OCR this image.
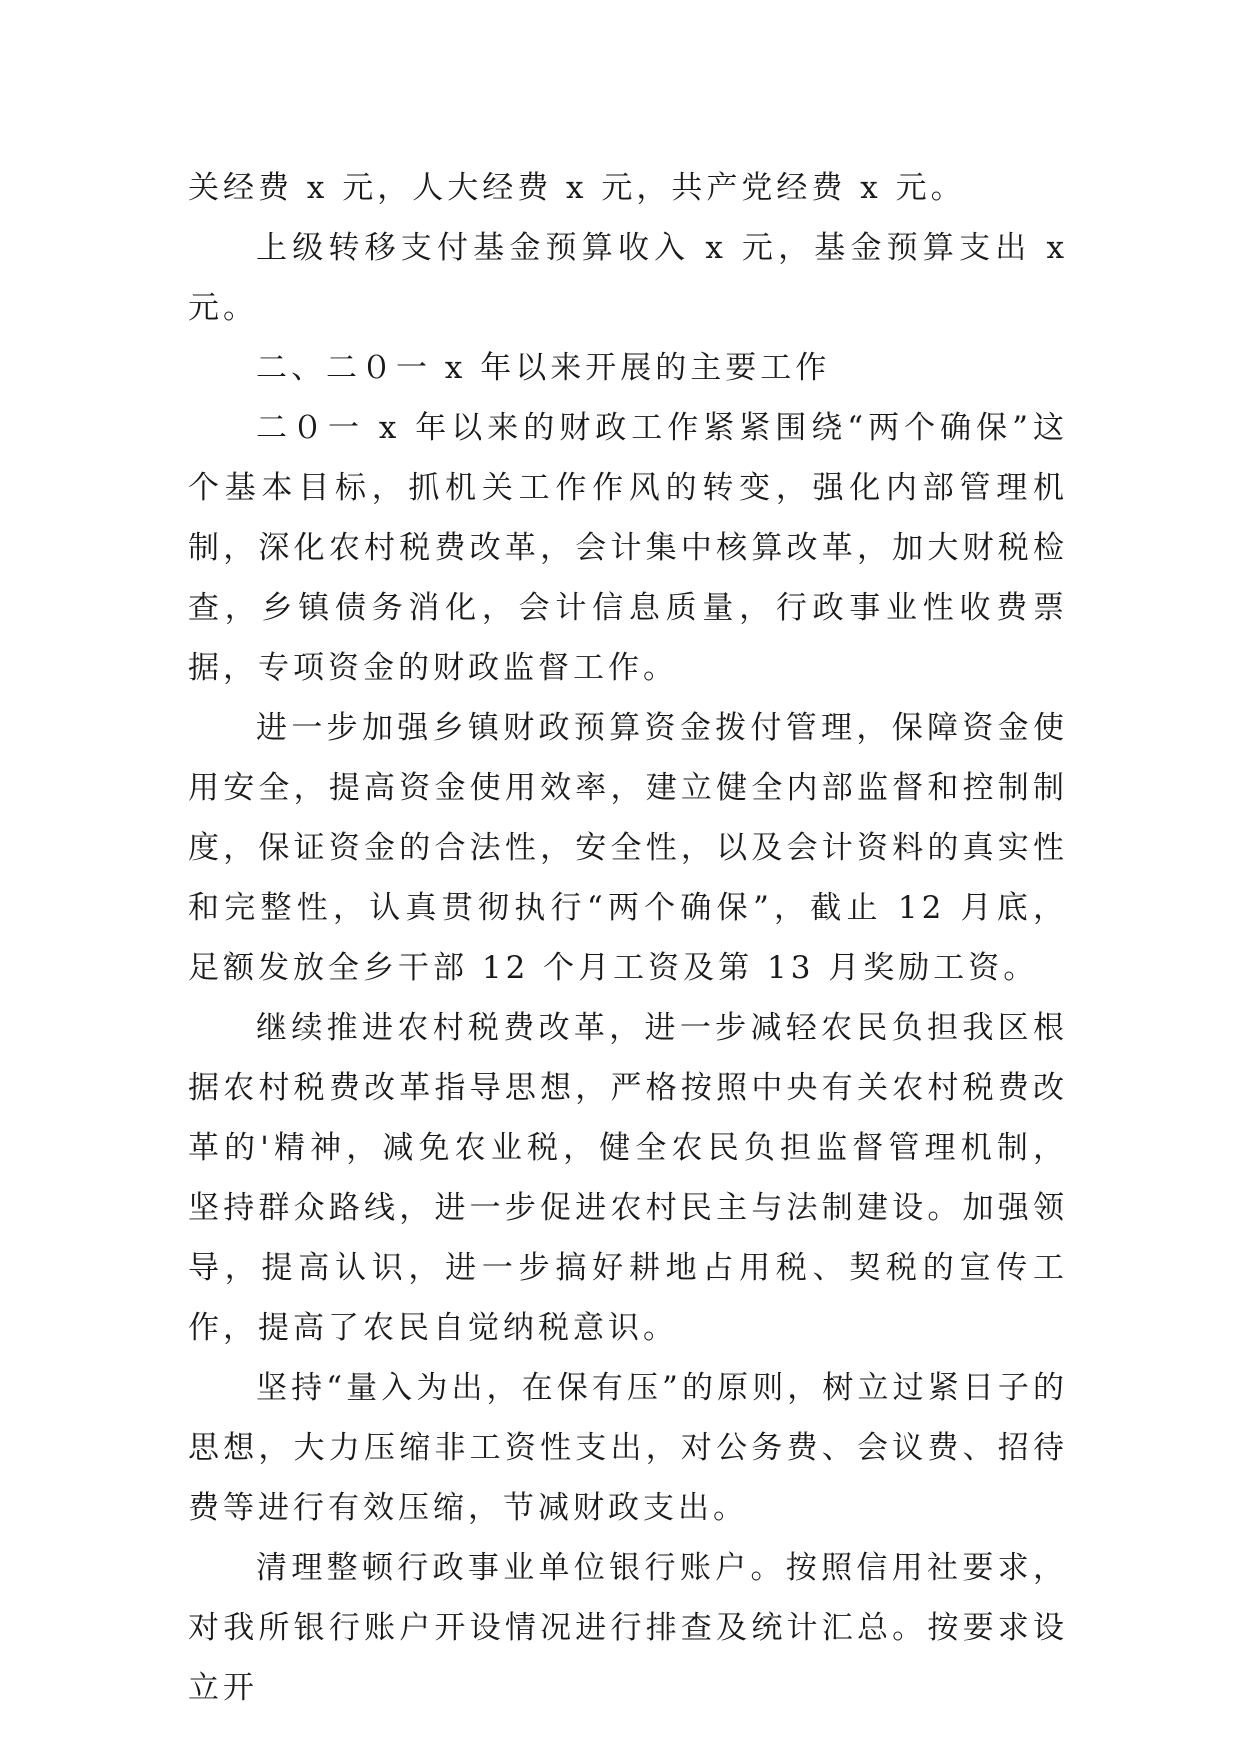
关经费 x 元，人大经费 x 元，共产党经费 x 元。

上级转移支付基金预算收入 x 元，基金预算支出 x 元。

二、二０一 x 年以来开展的主要工作

二０一 x 年以来的财政工作紧紧围绕“两个确保”这个基本目标，抓机关工作作风的转变，强化内部管理机制，深化农村税费改革，会计集中核算改革，加大财税检查，乡镇债务消化，会计信息质量，行政事业性收费票据，专项资金的财政监督工作。

进一步加强乡镇财政预算资金拨付管理，保障资金使用安全，提高资金使用效率，建立健全内部监督和控制制度，保证资金的合法性，安全性，以及会计资料的真实性和完整性，认真贯彻执行“两个确保”，截止 12 月底，足额发放全乡干部 12 个月工资及第 13 月奖励工资。

继续推进农村税费改革，进一步减轻农民负担我区根据农村税费改革指导思想，严格按照中央有关农村税费改革的'精神，减免农业税，健全农民负担监督管理机制，坚持群众路线，进一步促进农村民主与法制建设。加强领导，提高认识，进一步搞好耕地占用税、契税的宣传工作，提高了农民自觉纳税意识。

坚持“量入为出，在保有压”的原则，树立过紧日子的思想，大力压缩非工资性支出，对公务费、会议费、招待费等进行有效压缩，节减财政支出。

清理整顿行政事业单位银行账户。按照信用社要求，对我所银行账户开设情况进行排查及统计汇总。按要求设立开
